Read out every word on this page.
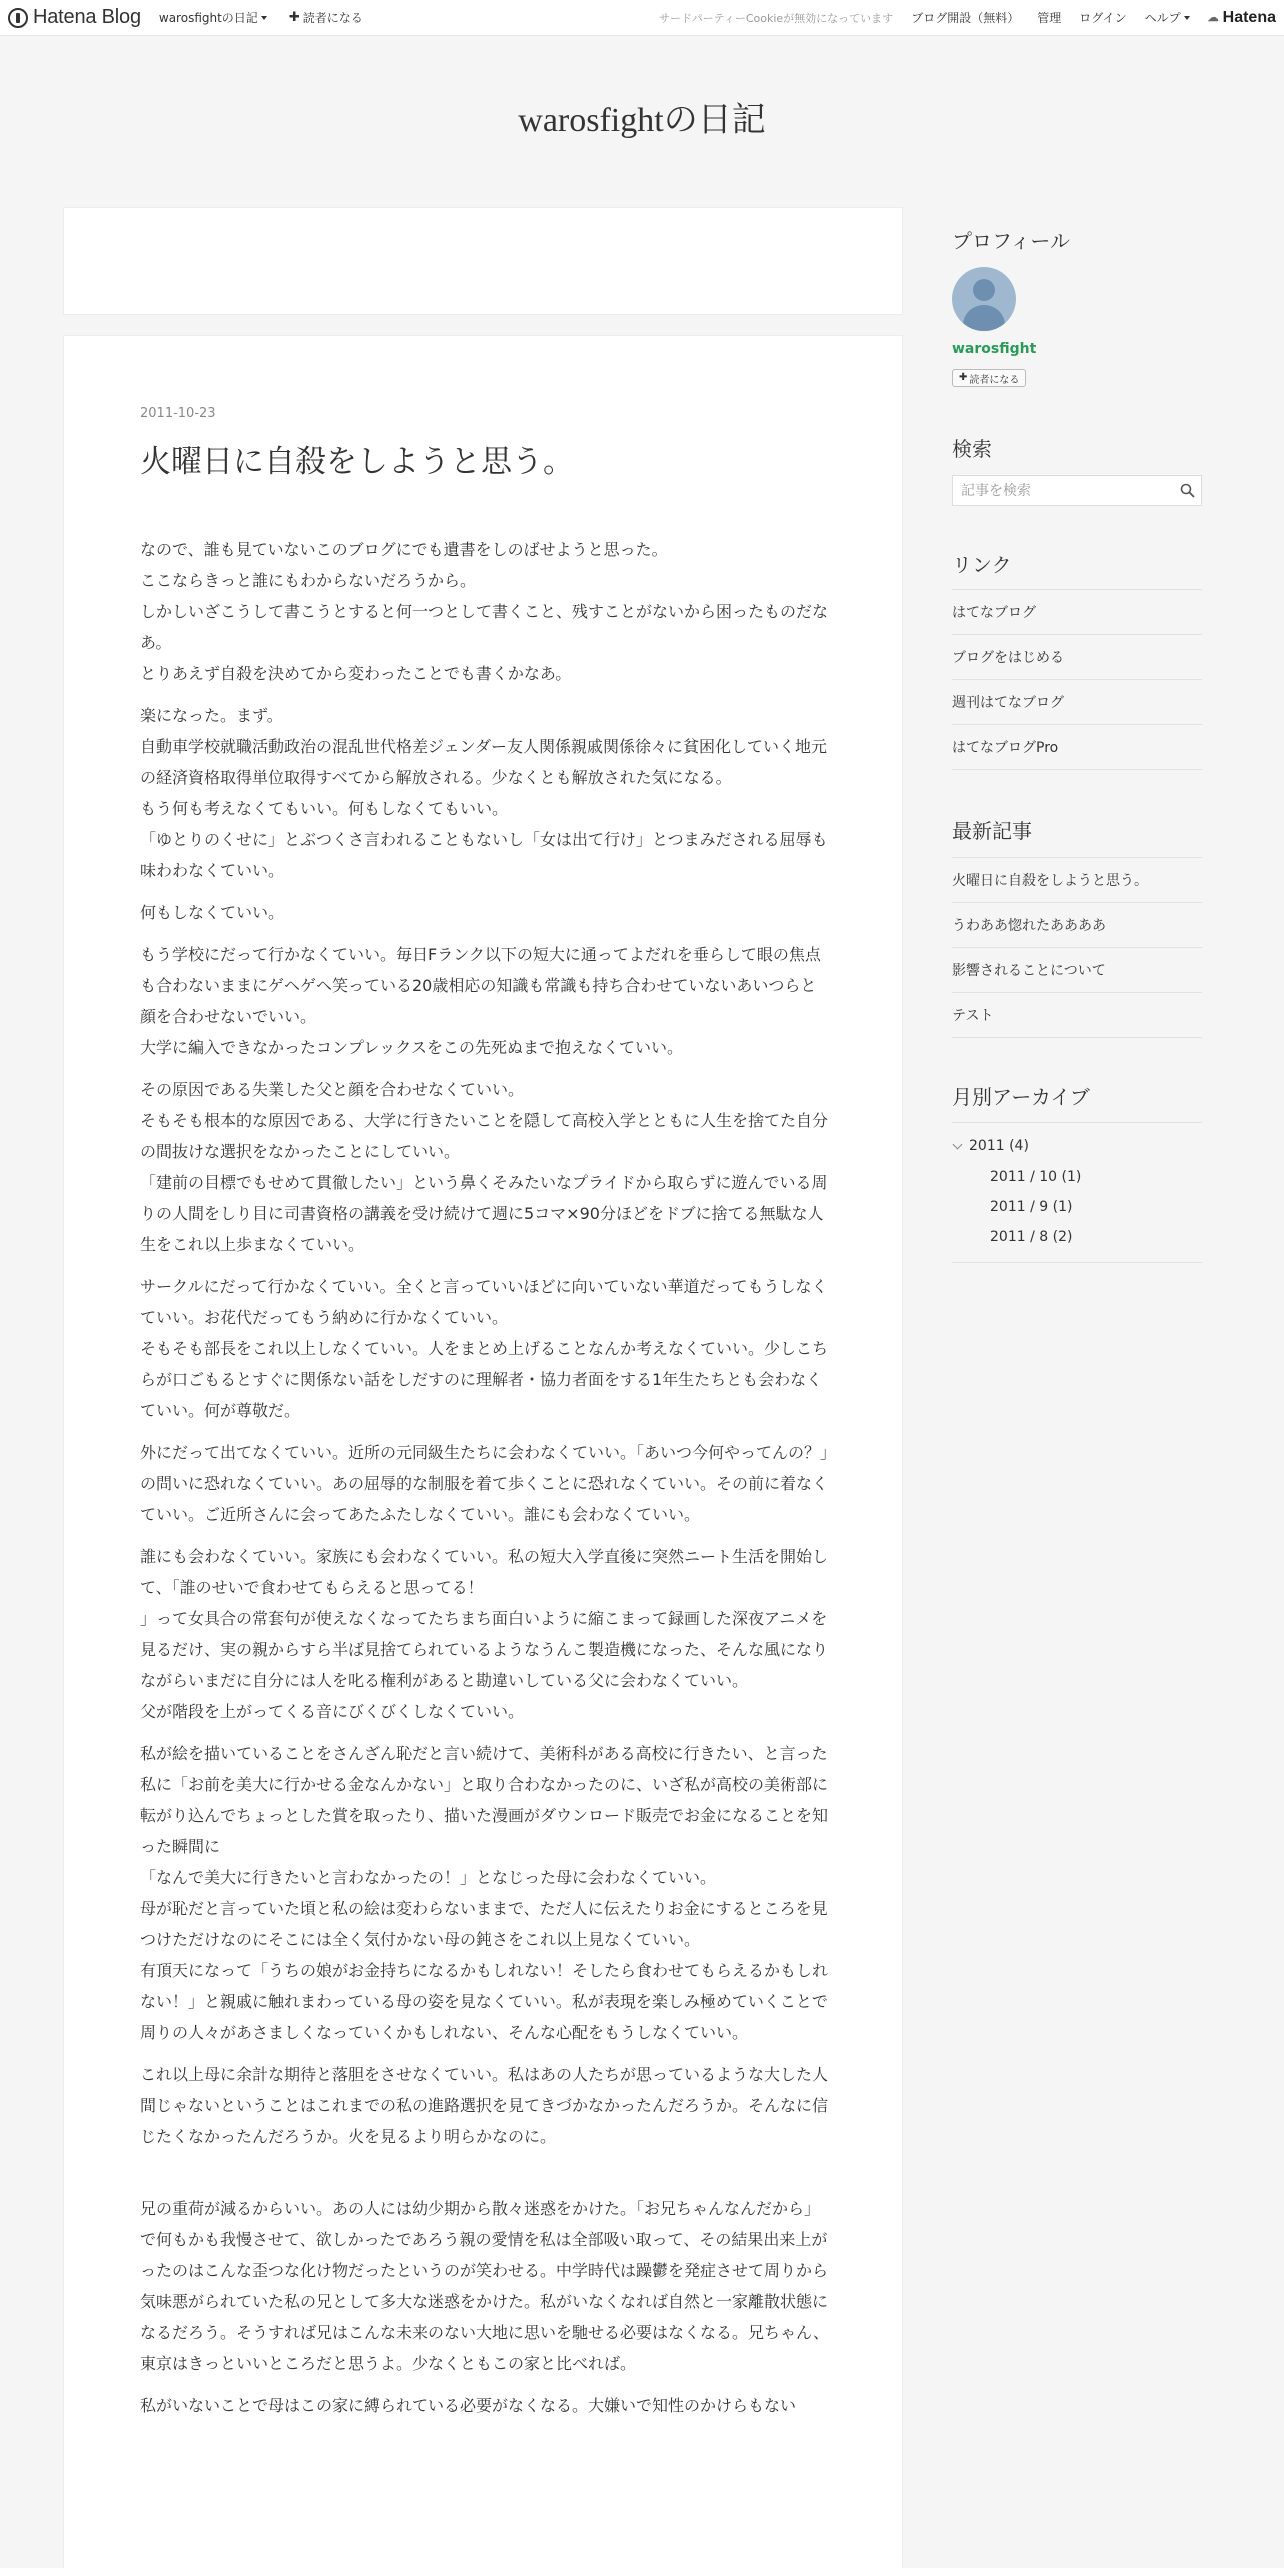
Hatena Blog warosfightの日記 ✚ 読者になる	サードパーティーCookieが無効になっています ブログ開設（無料） 管理 ログイン ヘルプ ☁ Hatena
warosfightの日記
2011-10-23
火曜日に自殺をしようと思う。

なので、誰も見ていないこのブログにでも遺書をしのばせようと思った。
ここならきっと誰にもわからないだろうから。
しかしいざこうして書こうとすると何一つとして書くこと、残すことがないから困ったものだなあ。
とりあえず自殺を決めてから変わったことでも書くかなあ。

楽になった。まず。
自動車学校就職活動政治の混乱世代格差ジェンダー友人関係親戚関係徐々に貧困化していく地元の経済資格取得単位取得すべてから解放される。少なくとも解放された気になる。
もう何も考えなくてもいい。何もしなくてもいい。
「ゆとりのくせに」とぶつくさ言われることもないし「女は出て行け」とつまみだされる屈辱も味わわなくていい。

何もしなくていい。

もう学校にだって行かなくていい。毎日Fランク以下の短大に通ってよだれを垂らして眼の焦点も合わないままにゲヘゲヘ笑っている20歳相応の知識も常識も持ち合わせていないあいつらと顔を合わせないでいい。
大学に編入できなかったコンプレックスをこの先死ぬまで抱えなくていい。

その原因である失業した父と顔を合わせなくていい。
そもそも根本的な原因である、大学に行きたいことを隠して高校入学とともに人生を捨てた自分の間抜けな選択をなかったことにしていい。
「建前の目標でもせめて貫徹したい」という鼻くそみたいなプライドから取らずに遊んでいる周りの人間をしり目に司書資格の講義を受け続けて週に5コマ×90分ほどをドブに捨てる無駄な人生をこれ以上歩まなくていい。

サークルにだって行かなくていい。全くと言っていいほどに向いていない華道だってもうしなくていい。お花代だってもう納めに行かなくていい。
そもそも部長をこれ以上しなくていい。人をまとめ上げることなんか考えなくていい。少しこちらが口ごもるとすぐに関係ない話をしだすのに理解者・協力者面をする1年生たちとも会わなくていい。何が尊敬だ。

外にだって出てなくていい。近所の元同級生たちに会わなくていい。「あいつ今何やってんの？」の問いに恐れなくていい。あの屈辱的な制服を着て歩くことに恐れなくていい。その前に着なくていい。ご近所さんに会ってあたふたしなくていい。誰にも会わなくていい。

誰にも会わなくていい。家族にも会わなくていい。私の短大入学直後に突然ニート生活を開始して、「誰のせいで食わせてもらえると思ってる！
」って女具合の常套句が使えなくなってたちまち面白いように縮こまって録画した深夜アニメを見るだけ、実の親からすら半ば見捨てられているようなうんこ製造機になった、そんな風になりながらいまだに自分には人を叱る権利があると勘違いしている父に会わなくていい。
父が階段を上がってくる音にびくびくしなくていい。

私が絵を描いていることをさんざん恥だと言い続けて、美術科がある高校に行きたい、と言った私に「お前を美大に行かせる金なんかない」と取り合わなかったのに、いざ私が高校の美術部に転がり込んでちょっとした賞を取ったり、描いた漫画がダウンロード販売でお金になることを知った瞬間に
「なんで美大に行きたいと言わなかったの！」となじった母に会わなくていい。
母が恥だと言っていた頃と私の絵は変わらないままで、ただ人に伝えたりお金にするところを見つけただけなのにそこには全く気付かない母の鈍さをこれ以上見なくていい。
有頂天になって「うちの娘がお金持ちになるかもしれない！そしたら食わせてもらえるかもしれない！」と親戚に触れまわっている母の姿を見なくていい。私が表現を楽しみ極めていくことで周りの人々があさましくなっていくかもしれない、そんな心配をもうしなくていい。

これ以上母に余計な期待と落胆をさせなくていい。私はあの人たちが思っているような大した人間じゃないということはこれまでの私の進路選択を見てきづかなかったんだろうか。そんなに信じたくなかったんだろうか。火を見るより明らかなのに。

兄の重荷が減るからいい。あの人には幼少期から散々迷惑をかけた。「お兄ちゃんなんだから」で何もかも我慢させて、欲しかったであろう親の愛情を私は全部吸い取って、その結果出来上がったのはこんな歪つな化け物だったというのが笑わせる。中学時代は躁鬱を発症させて周りから気味悪がられていた私の兄として多大な迷惑をかけた。私がいなくなれば自然と一家離散状態になるだろう。そうすれば兄はこんな未来のない大地に思いを馳せる必要はなくなる。兄ちゃん、東京はきっといいところだと思うよ。少なくともこの家と比べれば。

私がいないことで母はこの家に縛られている必要がなくなる。大嫌いで知性のかけらもない

プロフィール
warosfight
✚ 読者になる
検索
記事を検索
リンク
はてなブログ
ブログをはじめる
週刊はてなブログ
はてなブログPro
最新記事
火曜日に自殺をしようと思う。
うわああ惚れたああああ
影響されることについて
テスト
月別アーカイブ
2011 (4)
2011 / 10 (1)
2011 / 9 (1)
2011 / 8 (2)
